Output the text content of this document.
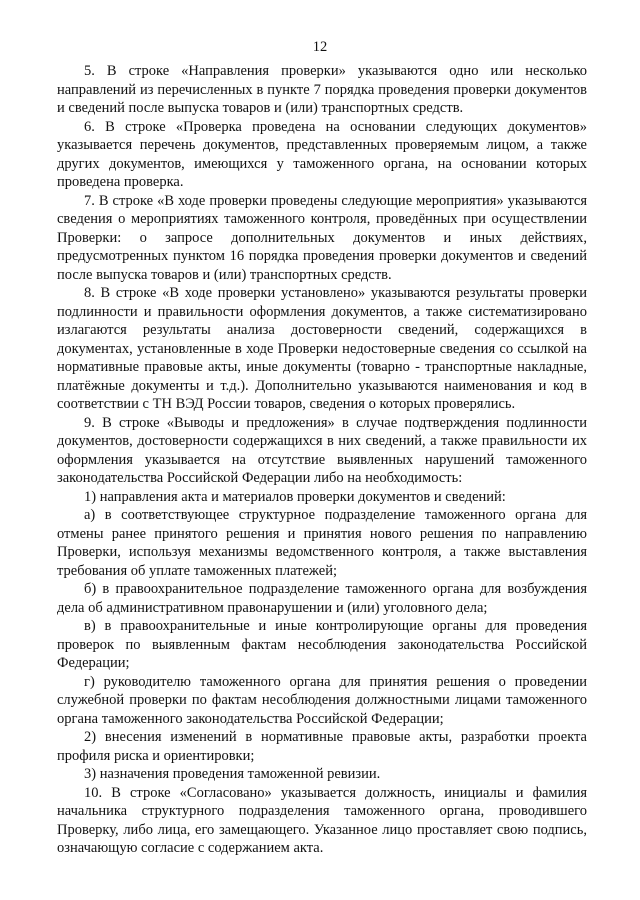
12

5. В строке «Направления проверки» указываются одно или несколько направлений из перечисленных в пункте 7 порядка проведения проверки документов и сведений после выпуска товаров и (или) транспортных средств.

6. В строке «Проверка проведена на основании следующих документов» указывается перечень документов, представленных проверяемым лицом, а также других документов, имеющихся у таможенного органа, на основании которых проведена проверка.

7. В строке «В ходе проверки проведены следующие мероприятия» указываются сведения о мероприятиях таможенного контроля, проведённых при осуществлении Проверки: о запросе дополнительных документов и иных действиях, предусмотренных пунктом 16 порядка проведения проверки документов и сведений после выпуска товаров и (или) транспортных средств.

8. В строке «В ходе проверки установлено» указываются результаты проверки подлинности и правильности оформления документов, а также систематизировано излагаются результаты анализа достоверности сведений, содержащихся в документах, установленные в ходе Проверки недостоверные сведения со ссылкой на нормативные правовые акты, иные документы (товарно - транспортные накладные, платёжные документы и т.д.). Дополнительно указываются наименования и код в соответствии с ТН ВЭД России товаров, сведения о которых проверялись.

9. В строке «Выводы и предложения» в случае подтверждения подлинности документов, достоверности содержащихся в них сведений, а также правильности их оформления указывается на отсутствие выявленных нарушений таможенного законодательства Российской Федерации либо на необходимость:

1) направления акта и материалов проверки документов и сведений:

а) в соответствующее структурное подразделение таможенного органа для отмены ранее принятого решения и принятия нового решения по направлению Проверки, используя механизмы ведомственного контроля, а также выставления требования об уплате таможенных платежей;

б) в правоохранительное подразделение таможенного органа для возбуждения дела об административном правонарушении и (или) уголовного дела;

в) в правоохранительные и иные контролирующие органы для проведения проверок по выявленным фактам несоблюдения законодательства Российской Федерации;

г) руководителю таможенного органа для принятия решения о проведении служебной проверки по фактам несоблюдения должностными лицами таможенного органа таможенного законодательства Российской Федерации;

2) внесения изменений в нормативные правовые акты, разработки проекта профиля риска и ориентировки;

3) назначения проведения таможенной ревизии.

10. В строке «Согласовано» указывается должность, инициалы и фамилия начальника структурного подразделения таможенного органа, проводившего Проверку, либо лица, его замещающего. Указанное лицо проставляет свою подпись, означающую согласие с содержанием акта.
